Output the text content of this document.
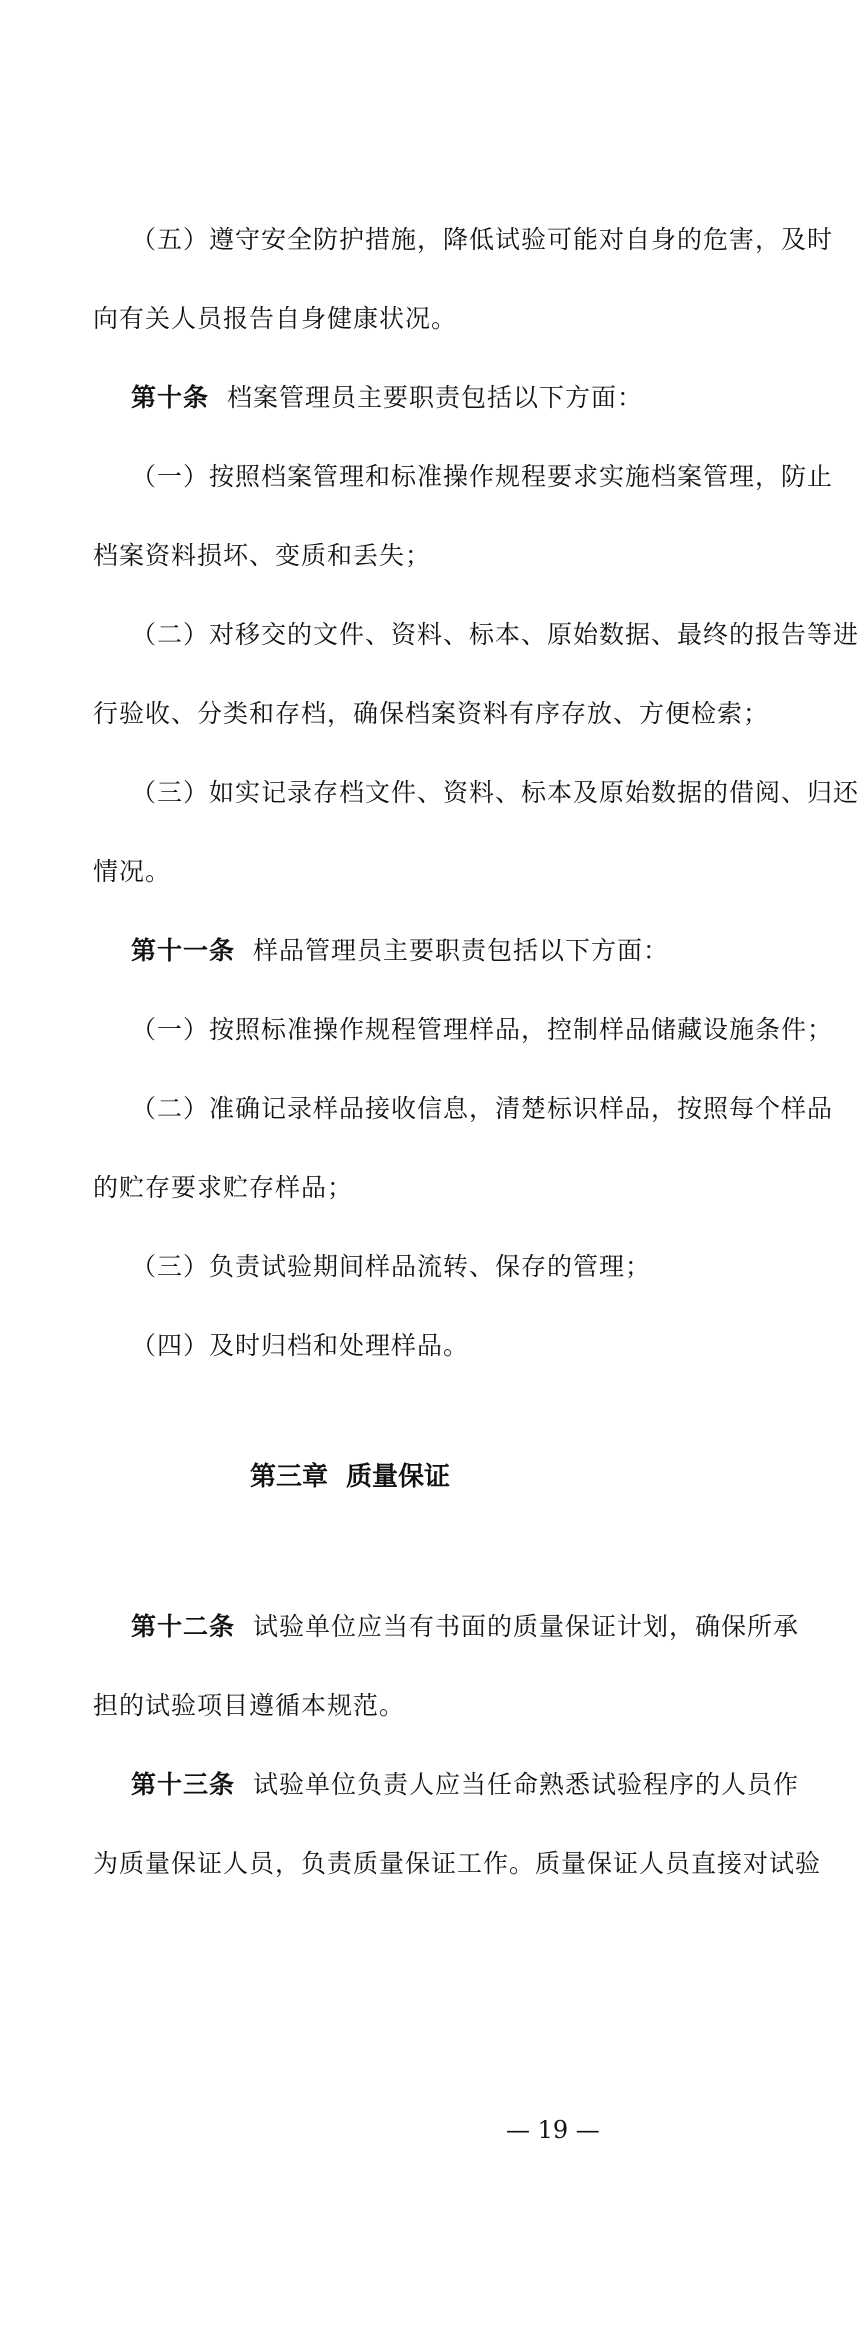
（五）遵守安全防护措施，降低试验可能对自身的危害，及时
向有关人员报告自身健康状况。
第十条 档案管理员主要职责包括以下方面：
（一）按照档案管理和标准操作规程要求实施档案管理，防止
档案资料损坏、变质和丢失；
（二）对移交的文件、资料、标本、原始数据、最终的报告等进
行验收、分类和存档，确保档案资料有序存放、方便检索；
（三）如实记录存档文件、资料、标本及原始数据的借阅、归还
情况。
第十一条 样品管理员主要职责包括以下方面：
（一）按照标准操作规程管理样品，控制样品储藏设施条件；
（二）准确记录样品接收信息，清楚标识样品，按照每个样品
的贮存要求贮存样品；
（三）负责试验期间样品流转、保存的管理；
（四）及时归档和处理样品。
第三章 质量保证
第十二条 试验单位应当有书面的质量保证计划，确保所承
担的试验项目遵循本规范。
第十三条 试验单位负责人应当任命熟悉试验程序的人员作
为质量保证人员，负责质量保证工作。质量保证人员直接对试验
— 19 —
